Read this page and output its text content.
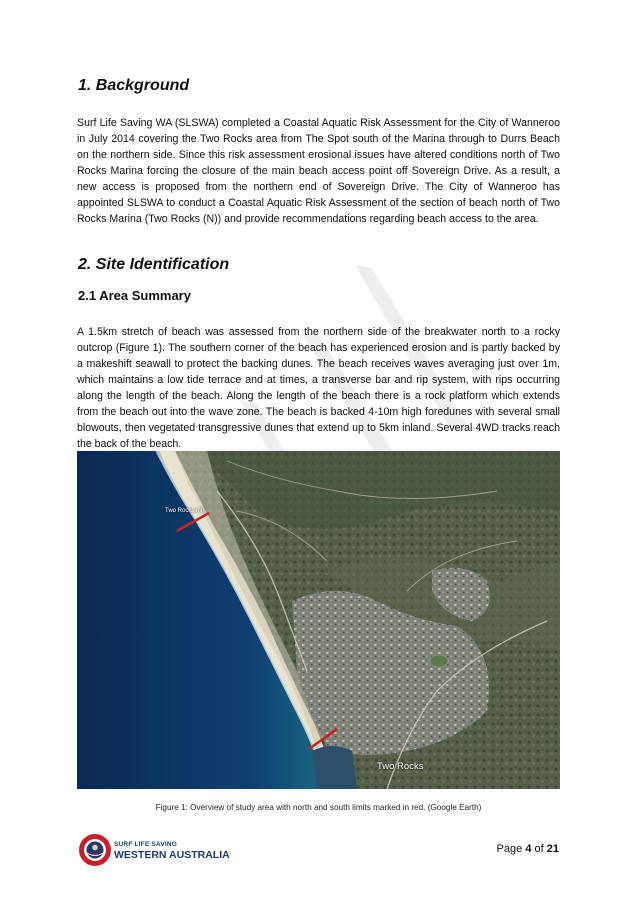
1. Background

Surf Life Saving WA (SLSWA) completed a Coastal Aquatic Risk Assessment for the City of Wanneroo in July 2014 covering the Two Rocks area from The Spot south of the Marina through to Durrs Beach on the northern side. Since this risk assessment erosional issues have altered conditions north of Two Rocks Marina forcing the closure of the main beach access point off Sovereign Drive. As a result, a new access is proposed from the northern end of Sovereign Drive. The City of Wanneroo has appointed SLSWA to conduct a Coastal Aquatic Risk Assessment of the section of beach north of Two Rocks Marina (Two Rocks (N)) and provide recommendations regarding beach access to the area.

2. Site Identification
2.1 Area Summary

A 1.5km stretch of beach was assessed from the northern side of the breakwater north to a rocky outcrop (Figure 1). The southern corner of the beach has experienced erosion and is partly backed by a makeshift seawall to protect the backing dunes. The beach receives waves averaging just over 1m, which maintains a low tide terrace and at times, a transverse bar and rip system, with rips occurring along the length of the beach. Along the length of the beach there is a rock platform which extends from the beach out into the wave zone. The beach is backed 4-10m high foredunes with several small blowouts, then vegetated transgressive dunes that extend up to 5km inland. Several 4WD tracks reach the back of the beach.

Two Rocks (N)
Two Rocks

Figure 1: Overview of study area with north and south limits marked in red. (Google Earth)

SURF LIFE SAVING
WESTERN AUSTRALIA	Page 4 of 21
